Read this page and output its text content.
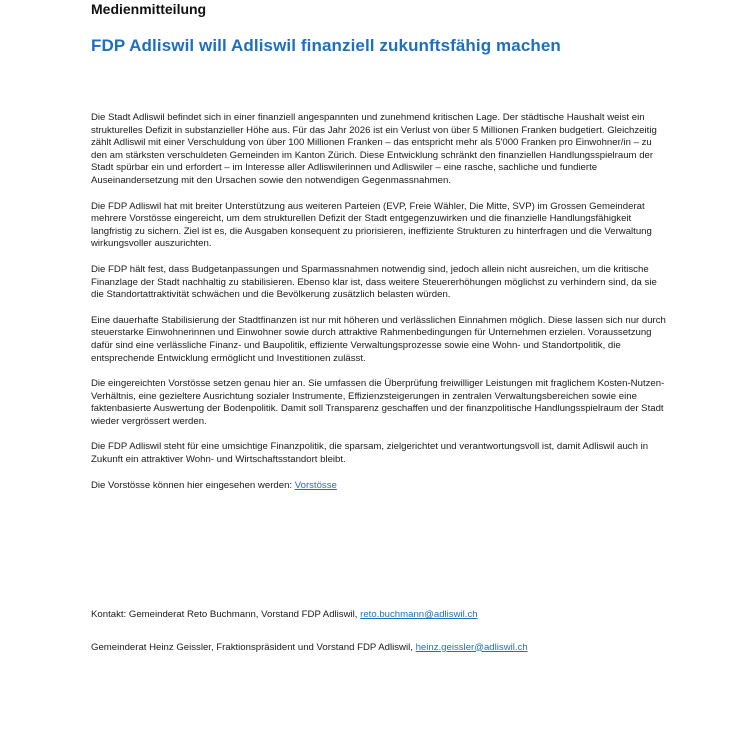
Medienmitteilung
FDP Adliswil will Adliswil finanziell zukunftsfähig machen

Die Stadt Adliswil befindet sich in einer finanziell angespannten und zunehmend kritischen Lage. Der städtische Haushalt weist ein strukturelles Defizit in substanzieller Höhe aus. Für das Jahr 2026 ist ein Verlust von über 5 Millionen Franken budgetiert. Gleichzeitig zählt Adliswil mit einer Verschuldung von über 100 Millionen Franken – das entspricht mehr als 5'000 Franken pro Einwohner/in – zu den am stärksten verschuldeten Gemeinden im Kanton Zürich. Diese Entwicklung schränkt den finanziellen Handlungsspielraum der Stadt spürbar ein und erfordert – im Interesse aller Adliswilerinnen und Adliswiler – eine rasche, sachliche und fundierte Auseinandersetzung mit den Ursachen sowie den notwendigen Gegenmassnahmen.

Die FDP Adliswil hat mit breiter Unterstützung aus weiteren Parteien (EVP, Freie Wähler, Die Mitte, SVP) im Grossen Gemeinderat mehrere Vorstösse eingereicht, um dem strukturellen Defizit der Stadt entgegenzuwirken und die finanzielle Handlungsfähigkeit langfristig zu sichern. Ziel ist es, die Ausgaben konsequent zu priorisieren, ineffiziente Strukturen zu hinterfragen und die Verwaltung wirkungsvoller auszurichten.

Die FDP hält fest, dass Budgetanpassungen und Sparmassnahmen notwendig sind, jedoch allein nicht ausreichen, um die kritische Finanzlage der Stadt nachhaltig zu stabilisieren. Ebenso klar ist, dass weitere Steuererhöhungen möglichst zu verhindern sind, da sie die Standortattraktivität schwächen und die Bevölkerung zusätzlich belasten würden.

Eine dauerhafte Stabilisierung der Stadtfinanzen ist nur mit höheren und verlässlichen Einnahmen möglich. Diese lassen sich nur durch steuerstarke Einwohnerinnen und Einwohner sowie durch attraktive Rahmenbedingungen für Unternehmen erzielen. Voraussetzung dafür sind eine verlässliche Finanz- und Baupolitik, effiziente Verwaltungsprozesse sowie eine Wohn- und Standortpolitik, die entsprechende Entwicklung ermöglicht und Investitionen zulässt.

Die eingereichten Vorstösse setzen genau hier an. Sie umfassen die Überprüfung freiwilliger Leistungen mit fraglichem Kosten-Nutzen-Verhältnis, eine gezieltere Ausrichtung sozialer Instrumente, Effizienzsteigerungen in zentralen Verwaltungsbereichen sowie eine faktenbasierte Auswertung der Bodenpolitik. Damit soll Transparenz geschaffen und der finanzpolitische Handlungsspielraum der Stadt wieder vergrössert werden.

Die FDP Adliswil steht für eine umsichtige Finanzpolitik, die sparsam, zielgerichtet und verantwortungsvoll ist, damit Adliswil auch in Zukunft ein attraktiver Wohn- und Wirtschaftsstandort bleibt.

Die Vorstösse können hier eingesehen werden: Vorstösse

Kontakt: Gemeinderat Reto Buchmann, Vorstand FDP Adliswil, reto.buchmann@adliswil.ch

Gemeinderat Heinz Geissler, Fraktionspräsident und Vorstand FDP Adliswil, heinz.geissler@adliswil.ch
